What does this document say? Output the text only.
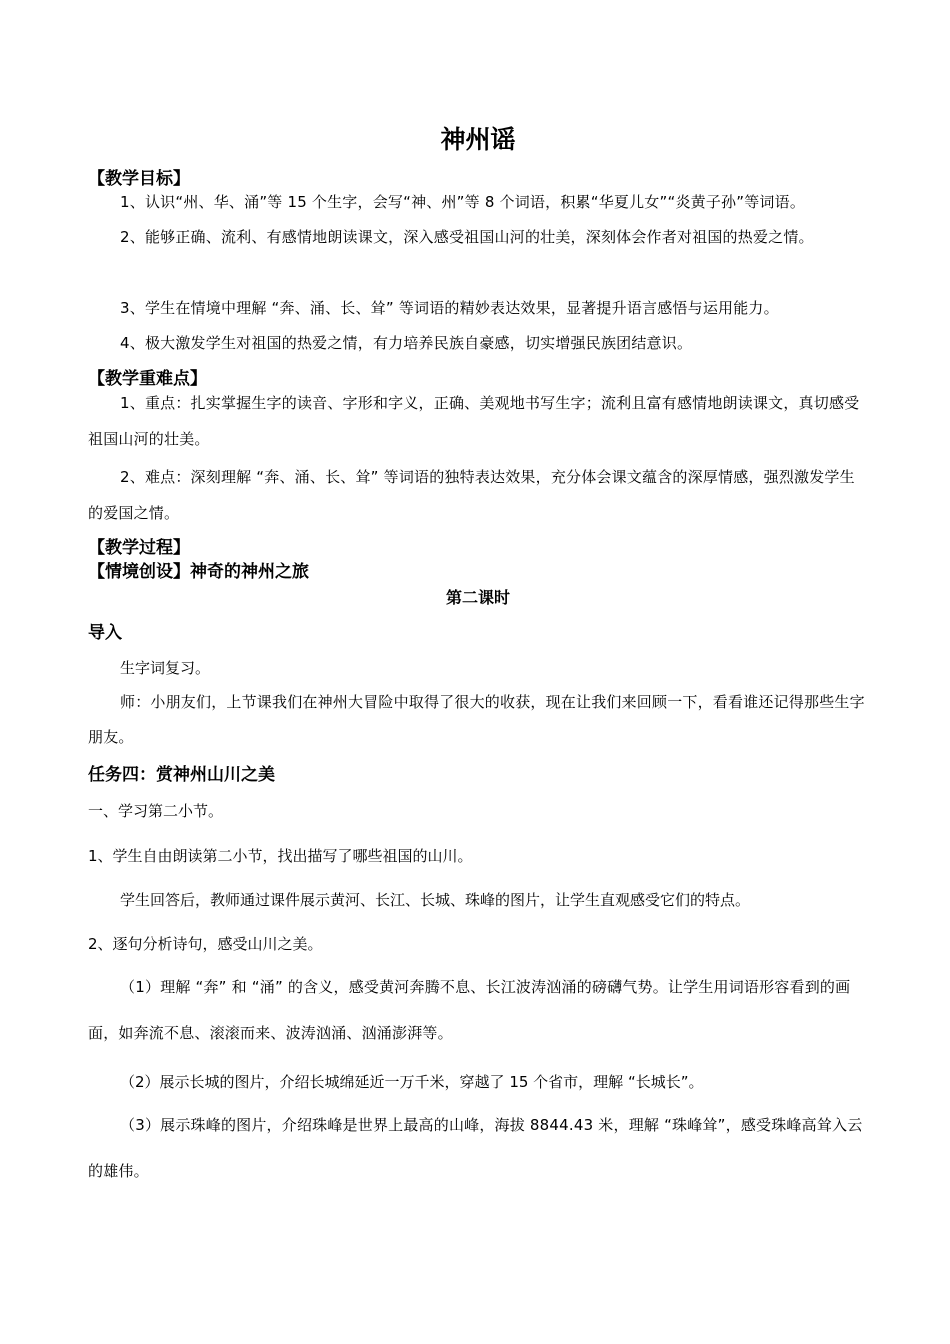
神州谣
【教学目标】
1、认识“州、华、涌”等 15 个生字，会写“神、州”等 8 个词语，积累“华夏儿女”“炎黄子孙”等词语。
2、能够正确、流利、有感情地朗读课文，深入感受祖国山河的壮美，深刻体会作者对祖国的热爱之情。
3、学生在情境中理解 “奔、涌、长、耸” 等词语的精妙表达效果，显著提升语言感悟与运用能力。
4、极大激发学生对祖国的热爱之情，有力培养民族自豪感，切实增强民族团结意识。
【教学重难点】
1、重点：扎实掌握生字的读音、字形和字义，正确、美观地书写生字；流利且富有感情地朗读课文，真切感受祖国山河的壮美。
2、难点：深刻理解 “奔、涌、长、耸” 等词语的独特表达效果，充分体会课文蕴含的深厚情感，强烈激发学生的爱国之情。
【教学过程】
【情境创设】神奇的神州之旅
第二课时
导入
生字词复习。
师：小朋友们，上节课我们在神州大冒险中取得了很大的收获，现在让我们来回顾一下，看看谁还记得那些生字朋友。
任务四：赏神州山川之美
一、学习第二小节。
1、学生自由朗读第二小节，找出描写了哪些祖国的山川。
学生回答后，教师通过课件展示黄河、长江、长城、珠峰的图片，让学生直观感受它们的特点。
2、逐句分析诗句，感受山川之美。
（1）理解 “奔” 和 “涌” 的含义，感受黄河奔腾不息、长江波涛汹涌的磅礴气势。让学生用词语形容看到的画面，如奔流不息、滚滚而来、波涛汹涌、汹涌澎湃等。
（2）展示长城的图片，介绍长城绵延近一万千米，穿越了 15 个省市，理解 “长城长”。
（3）展示珠峰的图片，介绍珠峰是世界上最高的山峰，海拔 8844.43 米，理解 “珠峰耸”，感受珠峰高耸入云的雄伟。
